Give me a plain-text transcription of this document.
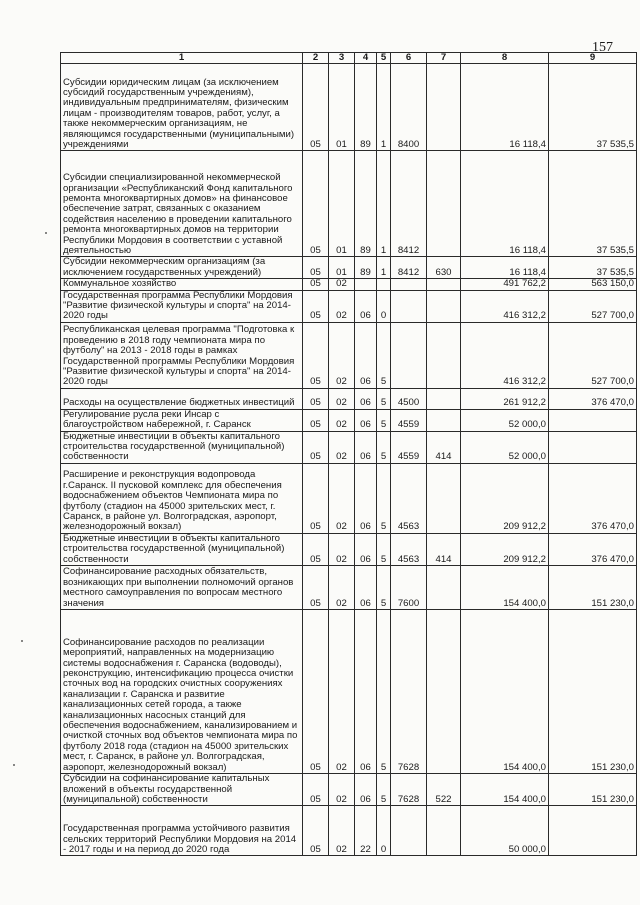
157
1	2	3	4	5	6	7	8	9
Субсидии юридическим лицам (за исключением субсидий государственным учреждениям), индивидуальным предпринимателям, физическим лицам - производителям товаров, работ, услуг, а также некоммерческим организациям, не являющимся государственными (муниципальными) учреждениями	05	01	89	1	8400		16 118,4	37 535,5
Субсидии специализированной некоммерческой организации «Республиканский Фонд капитального ремонта многоквартирных домов» на финансовое обеспечение затрат, связанных с оказанием содействия населению в проведении капитального ремонта многоквартирных домов на территории Республики Мордовия в соответствии с уставной деятельностью	05	01	89	1	8412		16 118,4	37 535,5
Субсидии некоммерческим организациям (за исключением государственных учреждений)	05	01	89	1	8412	630	16 118,4	37 535,5
Коммунальное хозяйство	05	02					491 762,2	563 150,0
Государственная программа Республики Мордовия "Развитие физической культуры и спорта" на 2014-2020 годы	05	02	06	0			416 312,2	527 700,0
Республиканская целевая программа "Подготовка к проведению в 2018 году чемпионата мира по футболу" на 2013 - 2018 годы в рамках Государственной программы Республики Мордовия "Развитие физической культуры и спорта" на 2014-2020 годы	05	02	06	5			416 312,2	527 700,0
Расходы на осуществление бюджетных инвестиций	05	02	06	5	4500		261 912,2	376 470,0
Регулирование русла реки Инсар с благоустройством набережной, г. Саранск	05	02	06	5	4559		52 000,0	
Бюджетные инвестиции в объекты капитального строительства государственной (муниципальной) собственности	05	02	06	5	4559	414	52 000,0	
Расширение и реконструкция водопровода г.Саранск. II пусковой комплекс для обеспечения водоснабжением объектов Чемпионата мира по футболу (стадион на 45000 зрительских мест, г. Саранск, в районе ул. Волгоградская, аэропорт, железнодорожный вокзал)	05	02	06	5	4563		209 912,2	376 470,0
Бюджетные инвестиции в объекты капитального строительства государственной (муниципальной) собственности	05	02	06	5	4563	414	209 912,2	376 470,0
Софинансирование расходных обязательств, возникающих при выполнении полномочий органов местного самоуправления по вопросам местного значения	05	02	06	5	7600		154 400,0	151 230,0
Софинансирование расходов по реализации мероприятий, направленных на модернизацию системы водоснабжения г. Саранска (водоводы), реконструкцию, интенсификацию процесса очистки сточных вод на городских очистных сооружениях канализации г. Саранска и развитие канализационных сетей города, а также канализационных насосных станций для обеспечения водоснабжением, канализированием и очисткой сточных вод объектов чемпионата мира по футболу 2018 года (стадион на 45000 зрительских мест, г. Саранск, в районе ул. Волгоградская, аэропорт, железнодорожный вокзал)	05	02	06	5	7628		154 400,0	151 230,0
Субсидии на софинансирование капитальных вложений в объекты государственной (муниципальной) собственности	05	02	06	5	7628	522	154 400,0	151 230,0
Государственная программа устойчивого развития сельских территорий Республики Мордовия на 2014 - 2017 годы и на период до 2020 года	05	02	22	0			50 000,0	
